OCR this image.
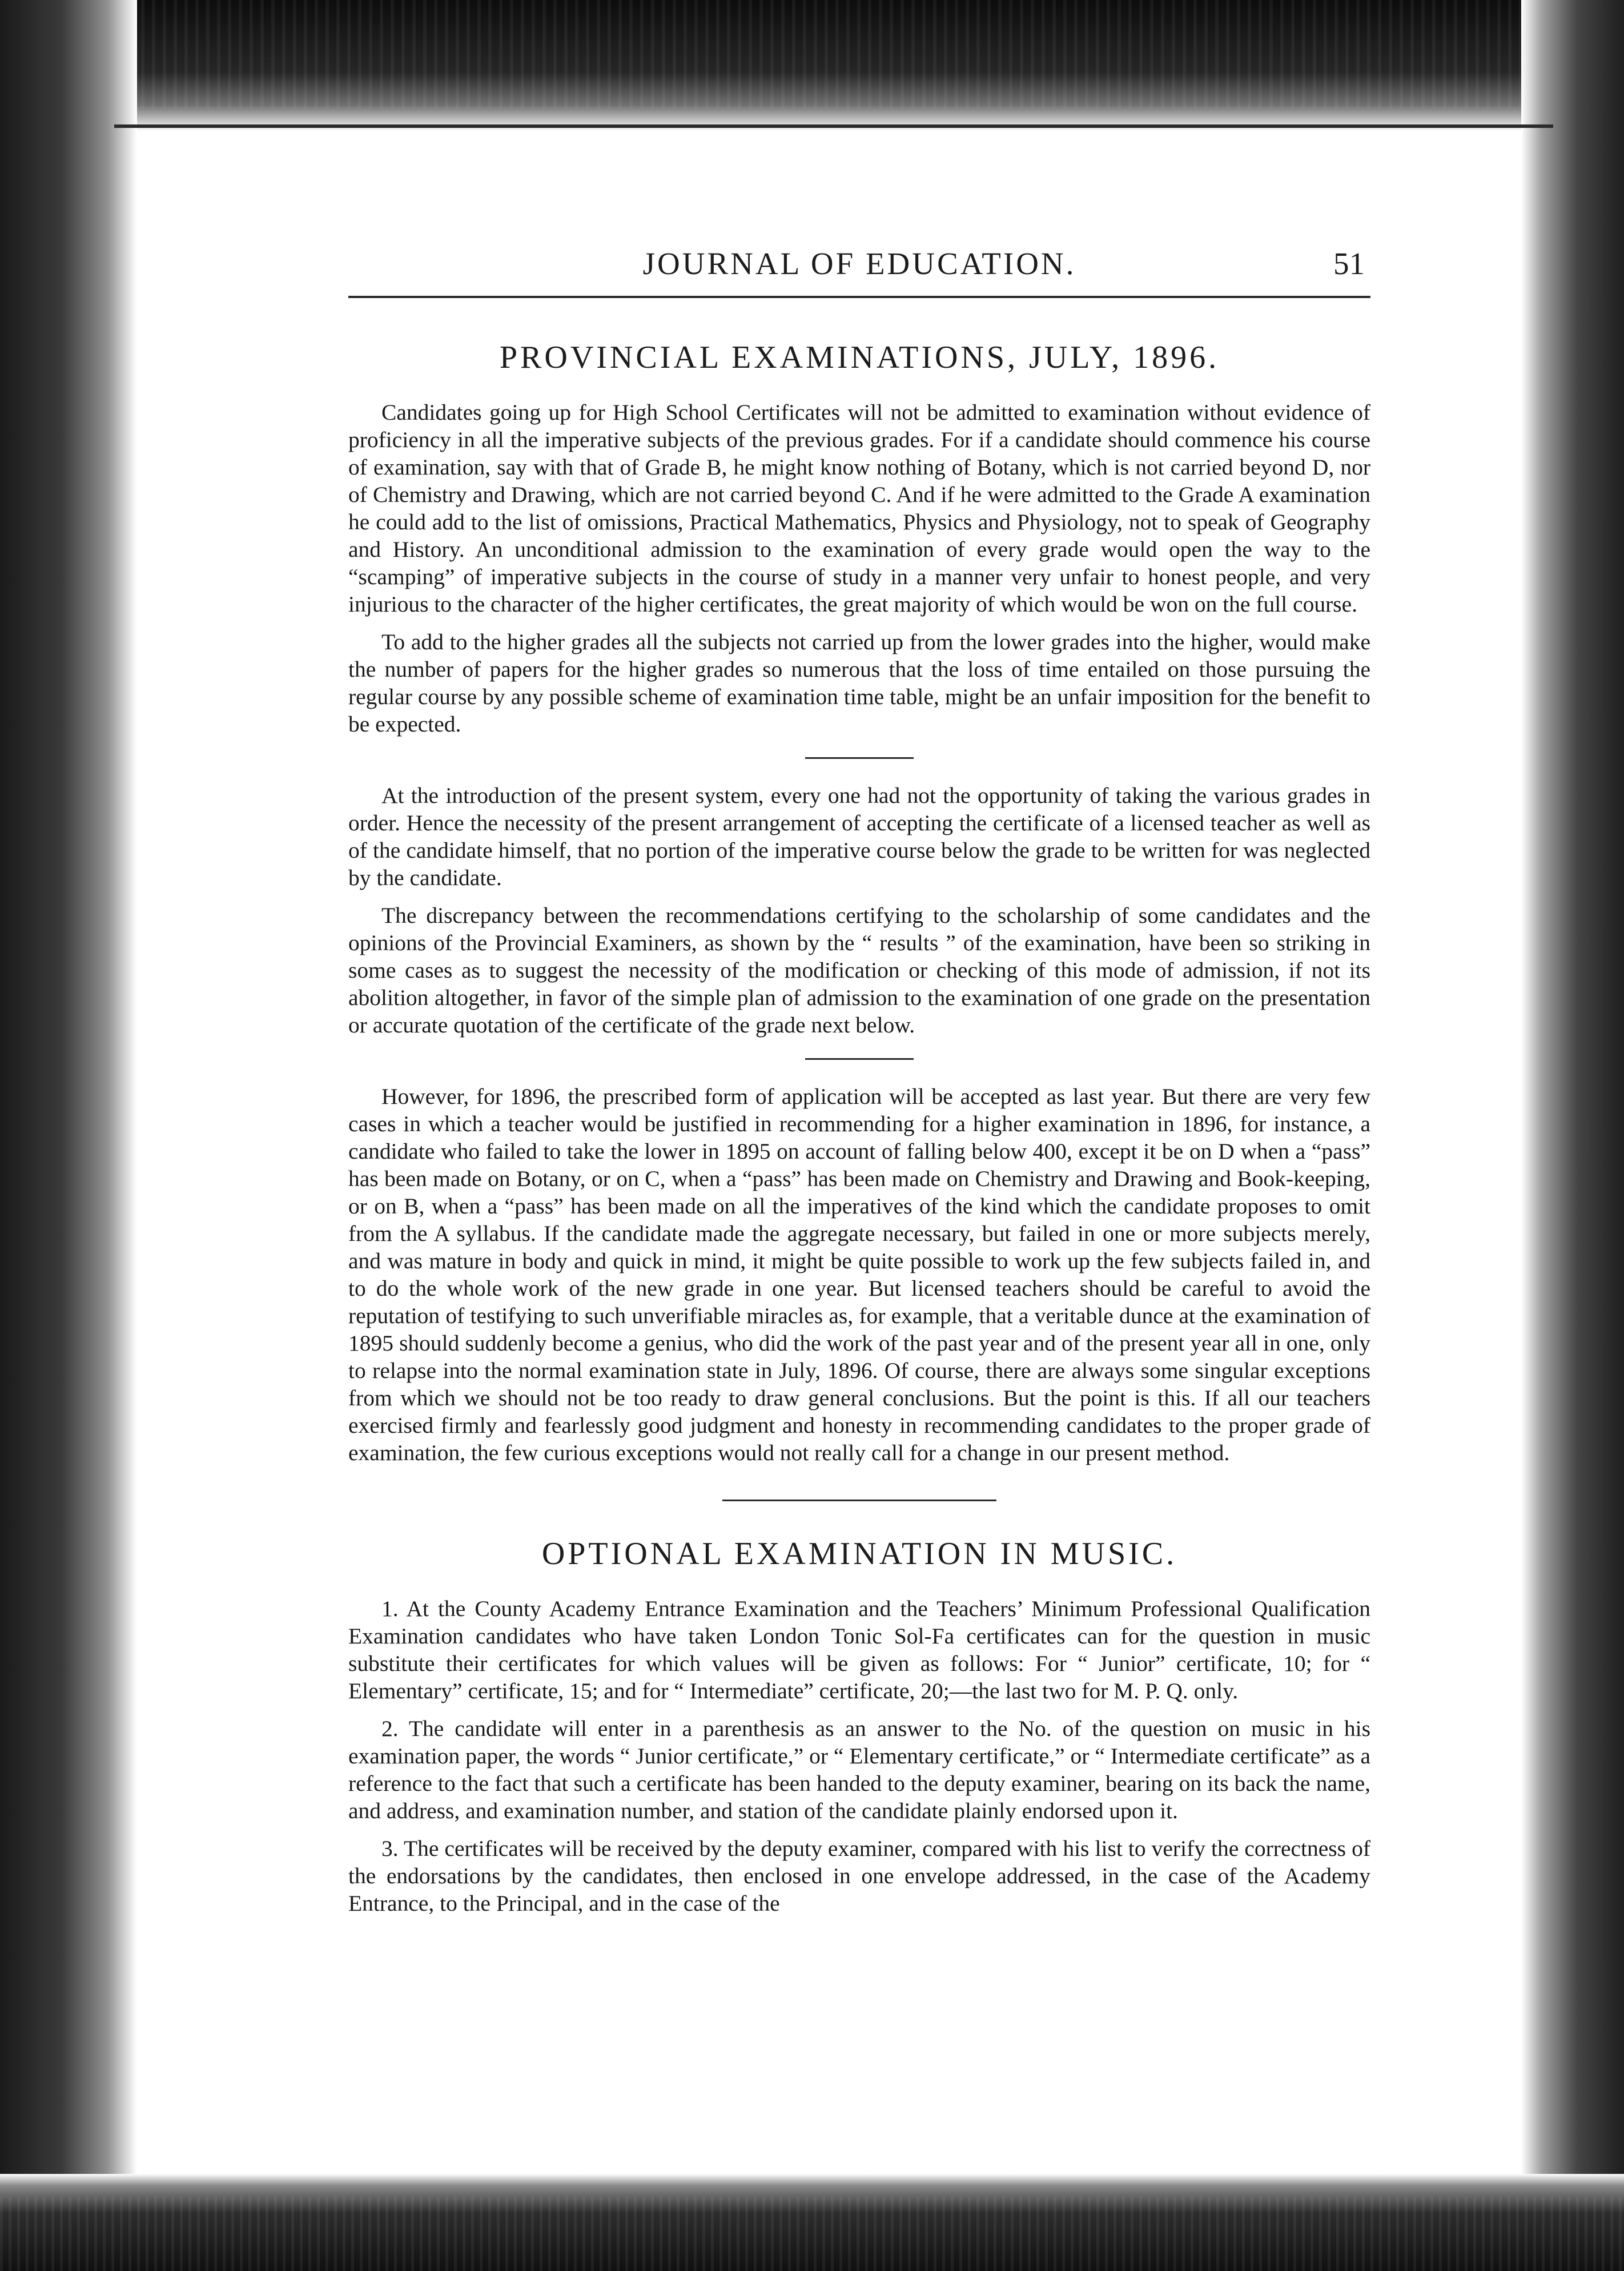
JOURNAL OF EDUCATION.	51
PROVINCIAL EXAMINATIONS, JULY, 1896.

Candidates going up for High School Certificates will not be admitted to examination without evidence of proficiency in all the imperative subjects of the previous grades. For if a candidate should commence his course of examination, say with that of Grade B, he might know nothing of Botany, which is not carried beyond D, nor of Chemistry and Drawing, which are not carried beyond C. And if he were admitted to the Grade A examination he could add to the list of omissions, Practical Mathematics, Physics and Physiology, not to speak of Geography and History. An unconditional admission to the examination of every grade would open the way to the “scamping” of imperative subjects in the course of study in a manner very unfair to honest people, and very injurious to the character of the higher certificates, the great majority of which would be won on the full course.

To add to the higher grades all the subjects not carried up from the lower grades into the higher, would make the number of papers for the higher grades so numerous that the loss of time entailed on those pursuing the regular course by any possible scheme of examination time table, might be an unfair imposition for the benefit to be expected.

At the introduction of the present system, every one had not the opportunity of taking the various grades in order. Hence the necessity of the present arrangement of accepting the certificate of a licensed teacher as well as of the candidate himself, that no portion of the imperative course below the grade to be written for was neglected by the candidate.

The discrepancy between the recommendations certifying to the scholarship of some candidates and the opinions of the Provincial Examiners, as shown by the “ results ” of the examination, have been so striking in some cases as to suggest the necessity of the modification or checking of this mode of admission, if not its abolition altogether, in favor of the simple plan of admission to the examination of one grade on the presentation or accurate quotation of the certificate of the grade next below.

However, for 1896, the prescribed form of application will be accepted as last year. But there are very few cases in which a teacher would be justified in recommending for a higher examination in 1896, for instance, a candidate who failed to take the lower in 1895 on account of falling below 400, except it be on D when a “pass” has been made on Botany, or on C, when a “pass” has been made on Chemistry and Drawing and Book-keeping, or on B, when a “pass” has been made on all the imperatives of the kind which the candidate proposes to omit from the A syllabus. If the candidate made the aggregate necessary, but failed in one or more subjects merely, and was mature in body and quick in mind, it might be quite possible to work up the few subjects failed in, and to do the whole work of the new grade in one year. But licensed teachers should be careful to avoid the reputation of testifying to such unverifiable miracles as, for example, that a veritable dunce at the examination of 1895 should suddenly become a genius, who did the work of the past year and of the present year all in one, only to relapse into the normal examination state in July, 1896. Of course, there are always some singular exceptions from which we should not be too ready to draw general conclusions. But the point is this. If all our teachers exercised firmly and fearlessly good judgment and honesty in recommending candidates to the proper grade of examination, the few curious exceptions would not really call for a change in our present method.

OPTIONAL EXAMINATION IN MUSIC.

1. At the County Academy Entrance Examination and the Teachers’ Minimum Professional Qualification Examination candidates who have taken London Tonic Sol-Fa certificates can for the question in music substitute their certificates for which values will be given as follows: For “ Junior” certificate, 10; for “ Elementary” certificate, 15; and for “ Intermediate” certificate, 20;—the last two for M. P. Q. only.

2. The candidate will enter in a parenthesis as an answer to the No. of the question on music in his examination paper, the words “ Junior certificate,” or “ Elementary certificate,” or “ Intermediate certificate” as a reference to the fact that such a certificate has been handed to the deputy examiner, bearing on its back the name, and address, and examination number, and station of the candidate plainly endorsed upon it.

3. The certificates will be received by the deputy examiner, compared with his list to verify the correctness of the endorsations by the candidates, then enclosed in one envelope addressed, in the case of the Academy Entrance, to the Principal, and in the case of the
